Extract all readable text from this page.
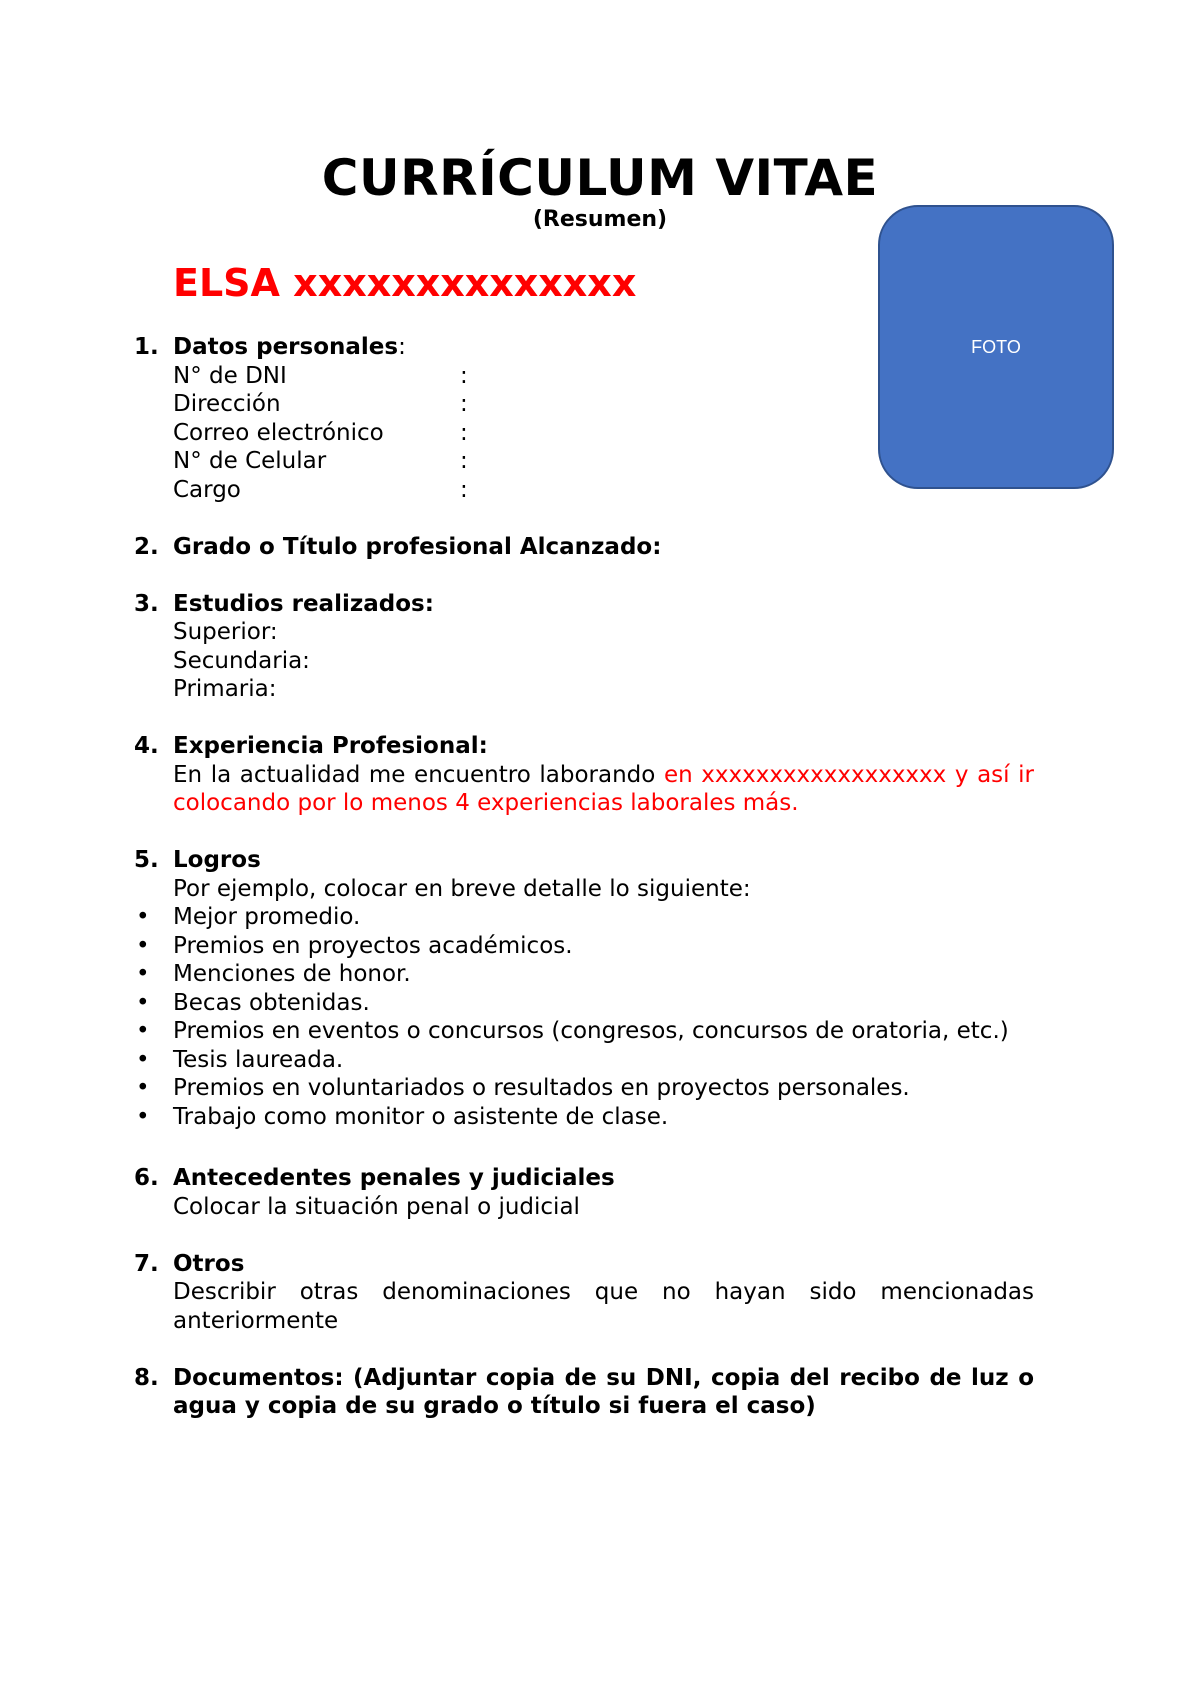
CURRÍCULUM VITAE
(Resumen)
ELSA xxxxxxxxxxxxxx
FOTO
1. Datos personales:
N° de DNI	:
Dirección	:
Correo electrónico	:
N° de Celular	:
Cargo	:
2. Grado o Título profesional Alcanzado:
3. Estudios realizados:
Superior:
Secundaria:
Primaria:
4. Experiencia Profesional:
En la actualidad me encuentro laborando en xxxxxxxxxxxxxxxxxx y así ir colocando por lo menos 4 experiencias laborales más.
5. Logros
Por ejemplo, colocar en breve detalle lo siguiente:
• Mejor promedio.
• Premios en proyectos académicos.
• Menciones de honor.
• Becas obtenidas.
• Premios en eventos o concursos (congresos, concursos de oratoria, etc.)
• Tesis laureada.
• Premios en voluntariados o resultados en proyectos personales.
• Trabajo como monitor o asistente de clase.
6. Antecedentes penales y judiciales
Colocar la situación penal o judicial
7. Otros
Describir otras denominaciones que no hayan sido mencionadas anteriormente
8. Documentos: (Adjuntar copia de su DNI, copia del recibo de luz o agua y copia de su grado o título si fuera el caso)
